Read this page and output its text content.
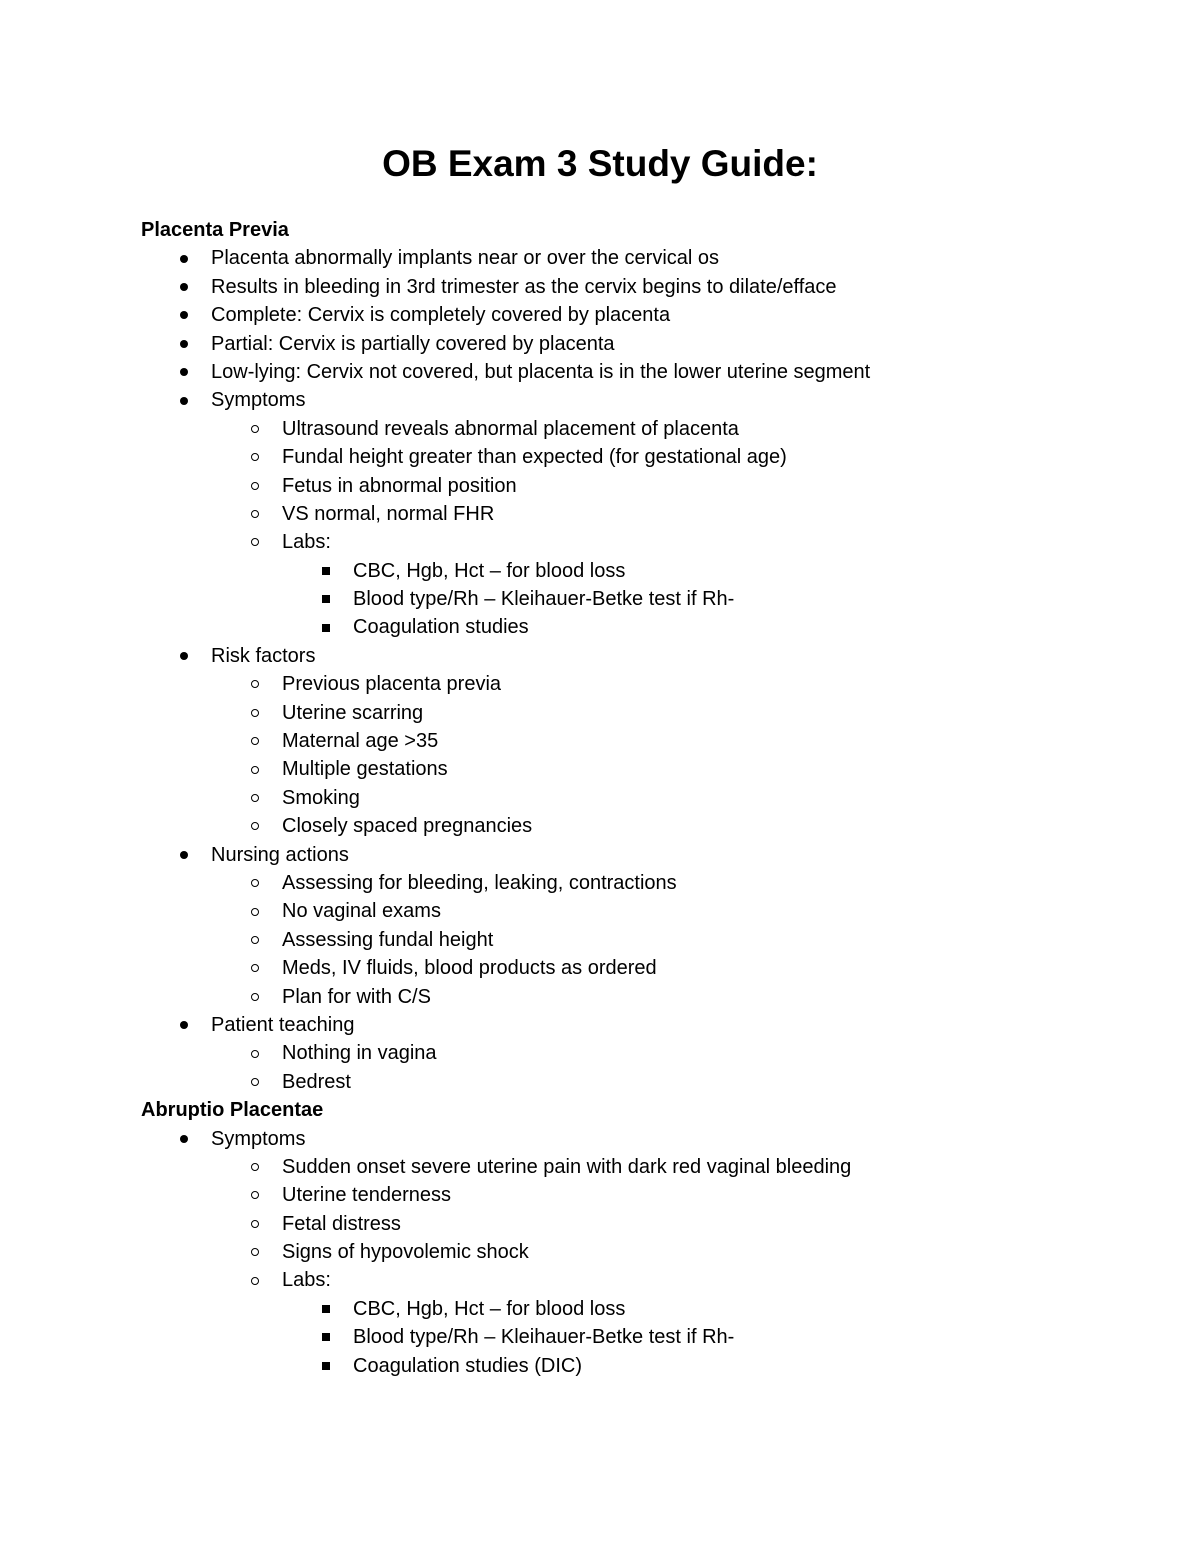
OB Exam 3 Study Guide:
Placenta Previa
Placenta abnormally implants near or over the cervical os
Results in bleeding in 3rd trimester as the cervix begins to dilate/efface
Complete: Cervix is completely covered by placenta
Partial: Cervix is partially covered by placenta
Low-lying: Cervix not covered, but placenta is in the lower uterine segment
Symptoms
Ultrasound reveals abnormal placement of placenta
Fundal height greater than expected (for gestational age)
Fetus in abnormal position
VS normal, normal FHR
Labs:
CBC, Hgb, Hct – for blood loss
Blood type/Rh – Kleihauer-Betke test if Rh-
Coagulation studies
Risk factors
Previous placenta previa
Uterine scarring
Maternal age >35
Multiple gestations
Smoking
Closely spaced pregnancies
Nursing actions
Assessing for bleeding, leaking, contractions
No vaginal exams
Assessing fundal height
Meds, IV fluids, blood products as ordered
Plan for with C/S
Patient teaching
Nothing in vagina
Bedrest
Abruptio Placentae
Symptoms
Sudden onset severe uterine pain with dark red vaginal bleeding
Uterine tenderness
Fetal distress
Signs of hypovolemic shock
Labs:
CBC, Hgb, Hct – for blood loss
Blood type/Rh – Kleihauer-Betke test if Rh-
Coagulation studies (DIC)
